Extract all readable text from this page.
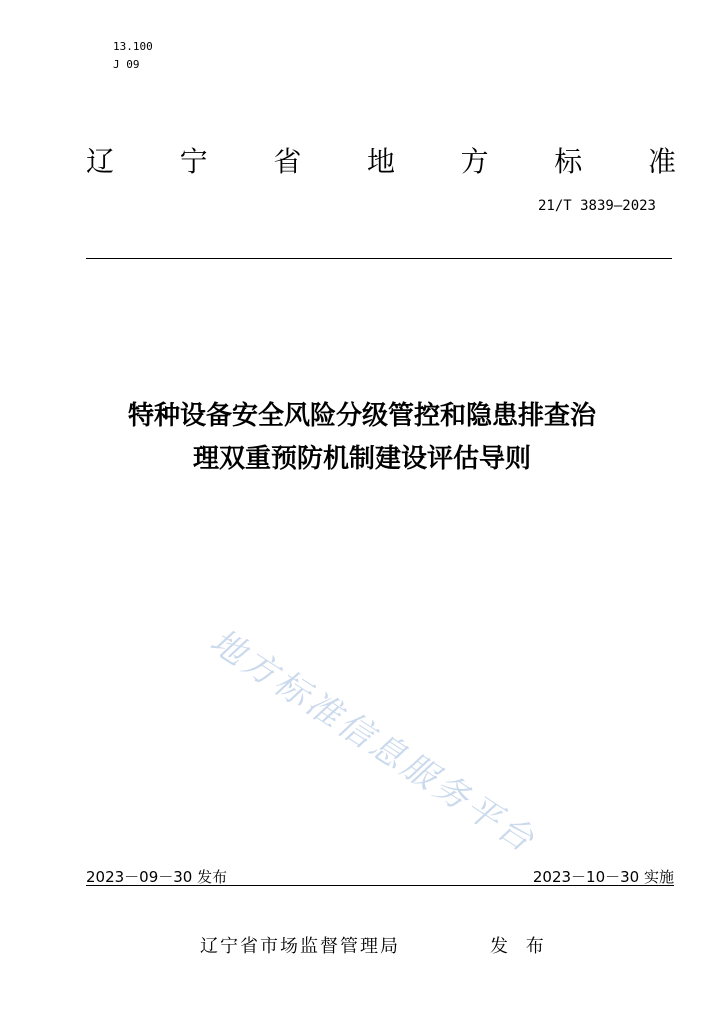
13.100
J 09
辽 宁 省 地 方 标 准
21/T 3839—2023
特种设备安全风险分级管控和隐患排查治
理双重预防机制建设评估导则
地方标准信息服务平台
2023－09－30 发布	2023－10－30 实施
辽宁省市场监督管理局	发 布
